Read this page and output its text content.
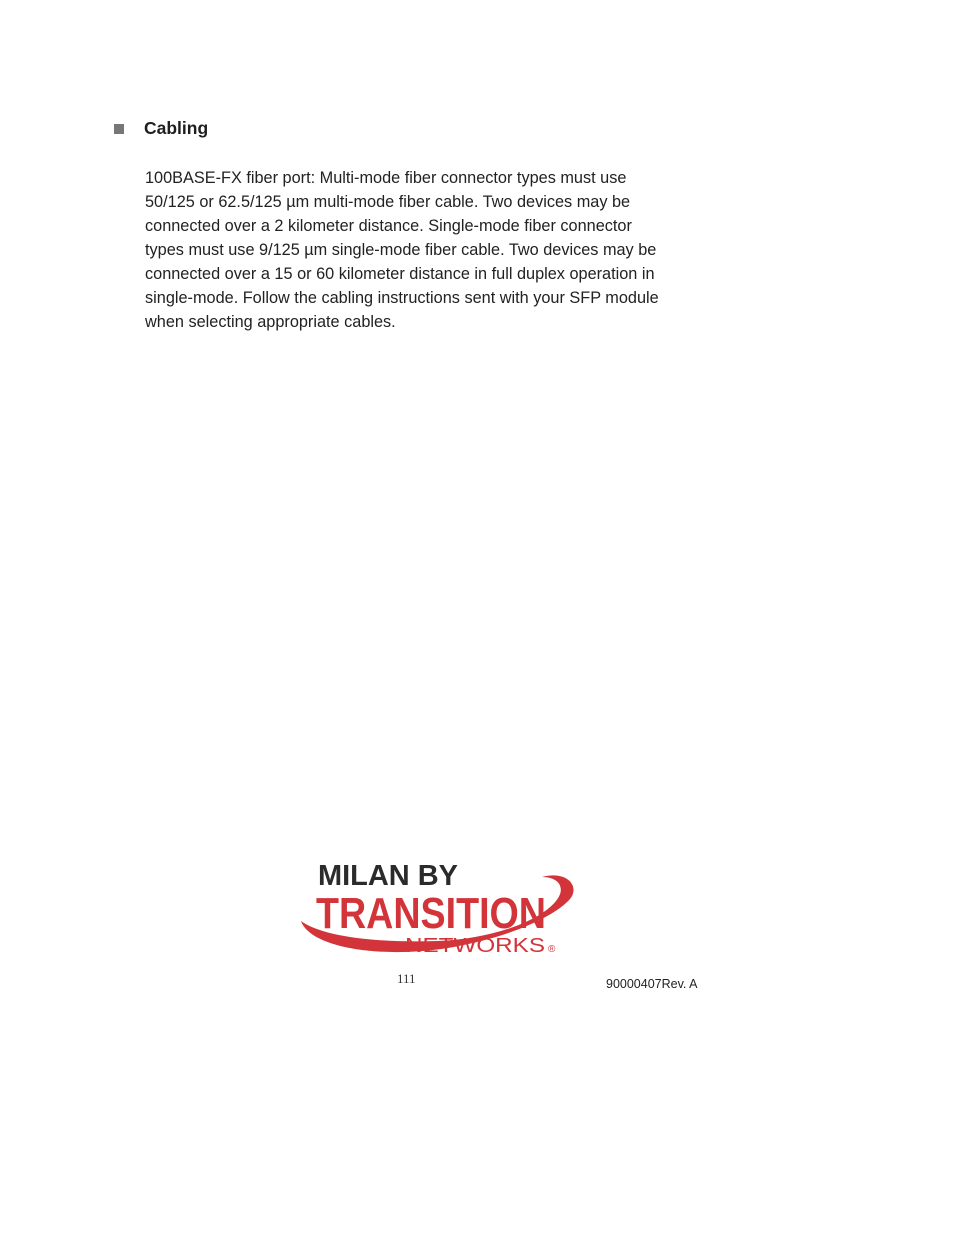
Cabling
100BASE-FX fiber port: Multi-mode fiber connector types must use
50/125 or 62.5/125 µm multi-mode fiber cable. Two devices may be
connected over a 2 kilometer distance. Single-mode fiber connector
types must use 9/125 µm single-mode fiber cable. Two devices may be
connected over a 15 or 60 kilometer distance in full duplex operation in
single-mode. Follow the cabling instructions sent with your SFP module
when selecting appropriate cables.
MILAN BY
TRANSITION
NETWORKS ®
111	90000407Rev. A
